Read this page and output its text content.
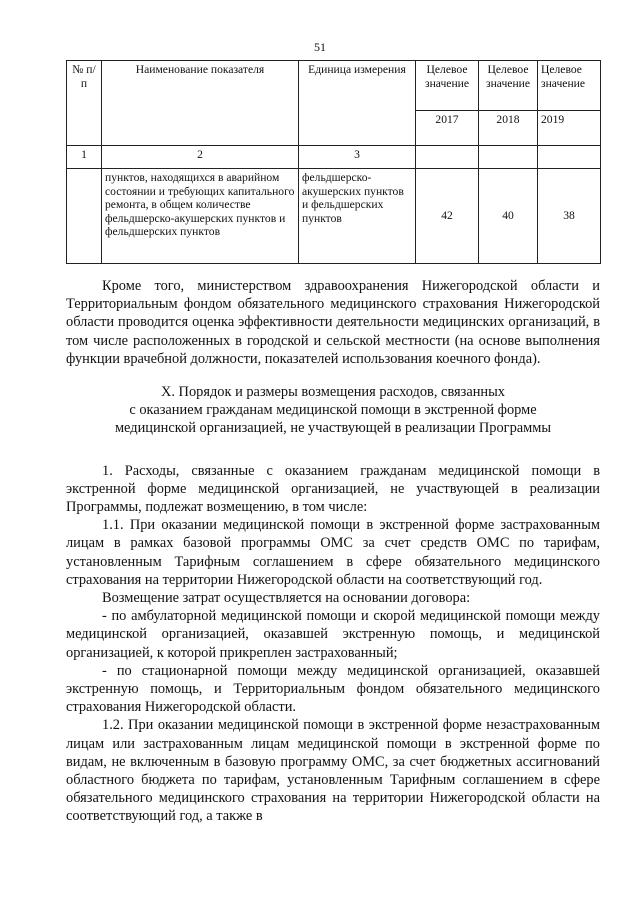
51
№ п/п	Наименование показателя	Единица измерения	Целевое значение	Целевое значение	Целевое значение
			2017	2018	2019
1	2	3			
	пунктов, находящихся в аварийном состоянии и требующих капитального ремонта, в общем количестве фельдшерско-акушерских пунктов и фельдшерских пунктов	фельдшерско-акушерских пунктов и фельдшерских пунктов	42	40	38

Кроме того, министерством здравоохранения Нижегородской области и Территориальным фондом обязательного медицинского страхования Нижегородской области проводится оценка эффективности деятельности медицинских организаций, в том числе расположенных в городской и сельской местности (на основе выполнения функции врачебной должности, показателей использования коечного фонда).

X. Порядок и размеры возмещения расходов, связанных

с оказанием гражданам медицинской помощи в экстренной форме

медицинской организацией, не участвующей в реализации Программы

1. Расходы, связанные с оказанием гражданам медицинской помощи в экстренной форме медицинской организацией, не участвующей в реализации Программы, подлежат возмещению, в том числе:

1.1. При оказании медицинской помощи в экстренной форме застрахованным лицам в рамках базовой программы ОМС за счет средств ОМС по тарифам, установленным Тарифным соглашением в сфере обязательного медицинского страхования на территории Нижегородской области на соответствующий год.

Возмещение затрат осуществляется на основании договора:

- по амбулаторной медицинской помощи и скорой медицинской помощи между медицинской организацией, оказавшей экстренную помощь, и медицинской организацией, к которой прикреплен застрахованный;

- по стационарной помощи между медицинской организацией, оказавшей экстренную помощь, и Территориальным фондом обязательного медицинского страхования Нижегородской области.

1.2. При оказании медицинской помощи в экстренной форме незастрахованным лицам или застрахованным лицам медицинской помощи в экстренной форме по видам, не включенным в базовую программу ОМС, за счет бюджетных ассигнований областного бюджета по тарифам, установленным Тарифным соглашением в сфере обязательного медицинского страхования на территории Нижегородской области на соответствующий год, а также в
